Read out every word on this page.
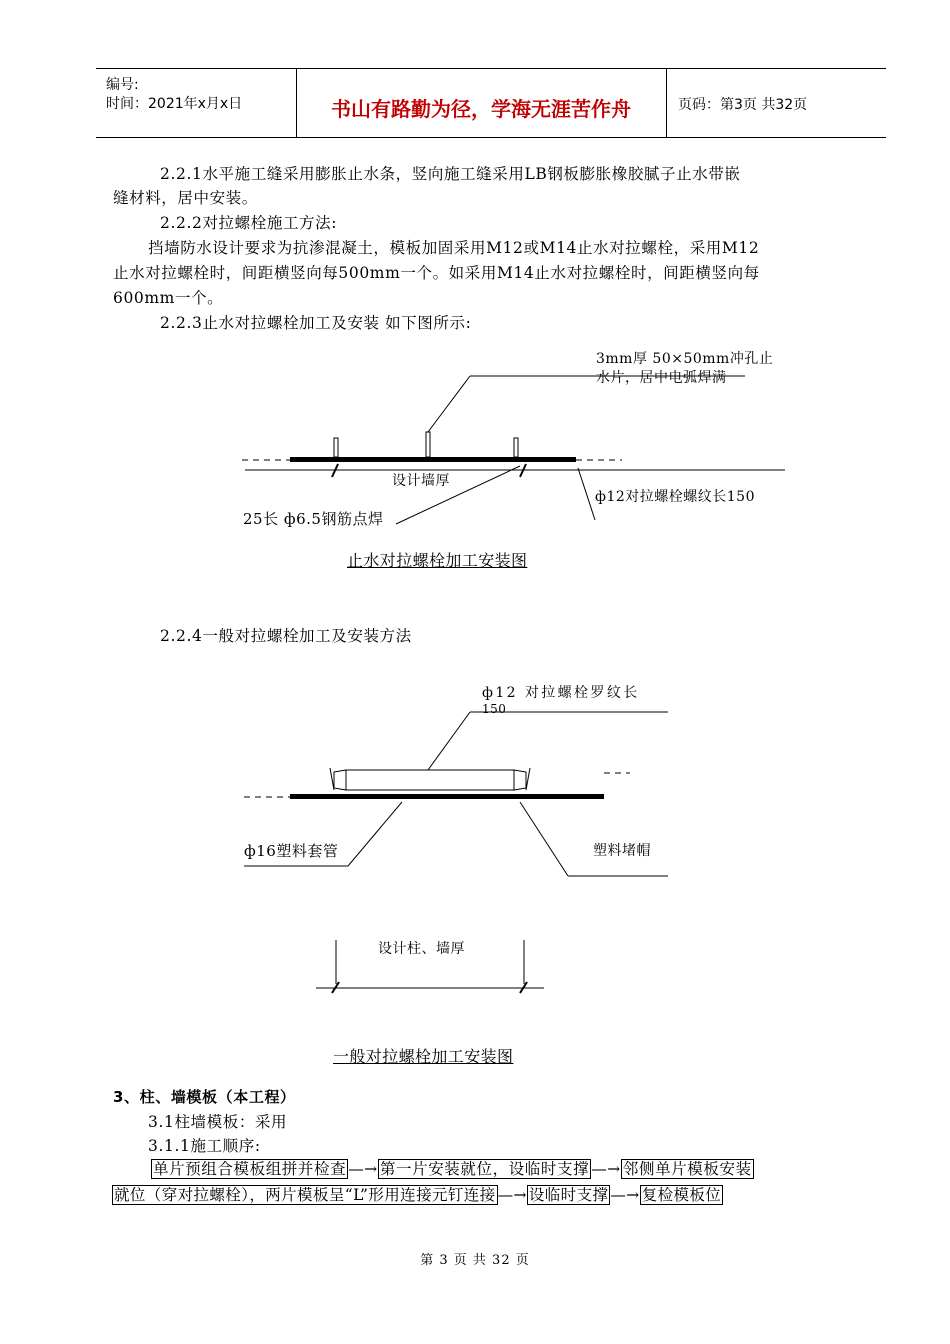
编号:
时间：2021年x月x日	书山有路勤为径，学海无涯苦作舟	页码：第3页 共32页
2.2.1水平施工缝采用膨胀止水条，竖向施工缝采用LB钢板膨胀橡胶腻子止水带嵌
缝材料，居中安装。
2.2.2对拉螺栓施工方法:
挡墙防水设计要求为抗渗混凝土，模板加固采用M12或M14止水对拉螺栓，采用M12
止水对拉螺栓时，间距横竖向每500mm一个。如采用M14止水对拉螺栓时，间距横竖向每
600mm一个。
2.2.3止水对拉螺栓加工及安装 如下图所示:
3mm厚 50×50mm冲孔止
水片，居中电弧焊满
设计墙厚
ф12对拉螺栓螺纹长150
25长 ф6.5钢筋点焊
止水对拉螺栓加工安装图
2.2.4一般对拉螺栓加工及安装方法
ф12 对拉螺栓罗纹长
150
ф16塑料套管	塑料堵帽
设计柱、墙厚
一般对拉螺栓加工安装图
3、柱、墙模板（本工程）
3.1柱墙模板：采用
3.1.1施工顺序:
单片预组合模板组拼并检查 —→ 第一片安装就位，设临时支撑 —→ 邻侧单片模板安装
就位（穿对拉螺栓），两片模板呈“L”形用连接元钉连接 —→ 设临时支撑 —→ 复检模板位
第 3 页 共 32 页
